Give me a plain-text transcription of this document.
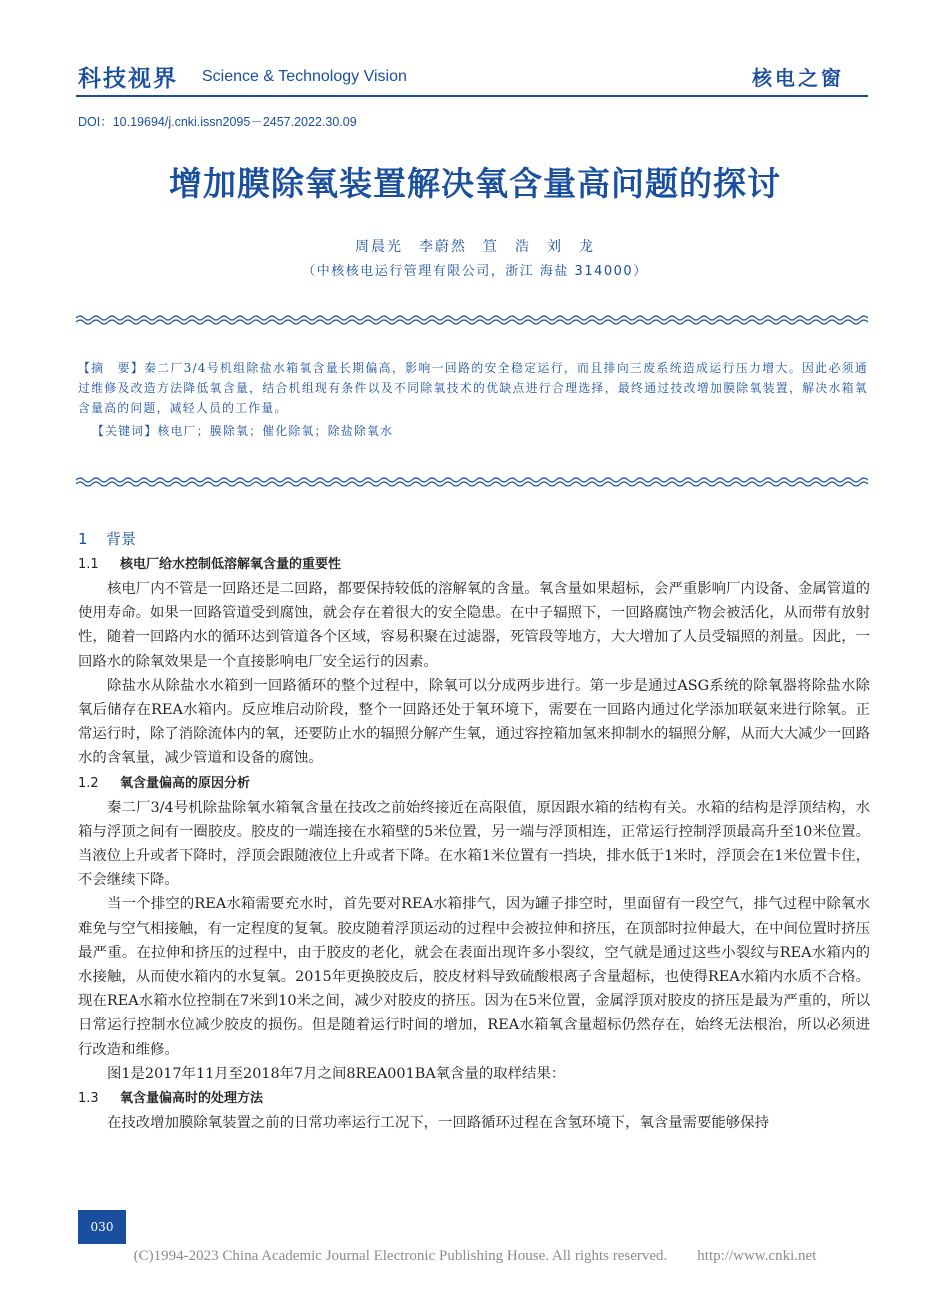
科技视界 Science & Technology Vision	核电之窗
DOI：10.19694/j.cnki.issn2095－2457.2022.30.09
增加膜除氧装置解决氧含量高问题的探讨
周晨光　李蔚然　笪　浩　刘　龙
（中核核电运行管理有限公司，浙江 海盐 314000）
【摘　要】秦二厂3/4号机组除盐水箱氧含量长期偏高，影响一回路的安全稳定运行，而且排向三废系统造成运行压力增大。因此必须通过维修及改造方法降低氧含量，结合机组现有条件以及不同除氧技术的优缺点进行合理选择，最终通过技改增加膜除氧装置，解决水箱氧含量高的问题，减轻人员的工作量。
【关键词】核电厂；膜除氧；催化除氧；除盐除氧水
1 背景
1.1 核电厂给水控制低溶解氧含量的重要性

核电厂内不管是一回路还是二回路，都要保持较低的溶解氧的含量。氧含量如果超标，会严重影响厂内设备、金属管道的使用寿命。如果一回路管道受到腐蚀，就会存在着很大的安全隐患。在中子辐照下，一回路腐蚀产物会被活化，从而带有放射性，随着一回路内水的循环达到管道各个区域，容易积聚在过滤器，死管段等地方，大大增加了人员受辐照的剂量。因此，一回路水的除氧效果是一个直接影响电厂安全运行的因素。

除盐水从除盐水水箱到一回路循环的整个过程中，除氧可以分成两步进行。第一步是通过ASG系统的除氧器将除盐水除氧后储存在REA水箱内。反应堆启动阶段，整个一回路还处于氧环境下，需要在一回路内通过化学添加联氨来进行除氧。正常运行时，除了消除流体内的氧，还要防止水的辐照分解产生氧，通过容控箱加氢来抑制水的辐照分解，从而大大减少一回路水的含氧量，减少管道和设备的腐蚀。

1.2 氧含量偏高的原因分析

秦二厂3/4号机除盐除氧水箱氧含量在技改之前始终接近在高限值，原因跟水箱的结构有关。水箱的结构是浮顶结构，水箱与浮顶之间有一圈胶皮。胶皮的一端连接在水箱壁的5米位置，另一端与浮顶相连，正常运行控制浮顶最高升至10米位置。当液位上升或者下降时，浮顶会跟随液位上升或者下降。在水箱1米位置有一挡块，排水低于1米时，浮顶会在1米位置卡住，不会继续下降。

当一个排空的REA水箱需要充水时，首先要对REA水箱排气，因为罐子排空时，里面留有一段空气，排气过程中除氧水难免与空气相接触，有一定程度的复氧。胶皮随着浮顶运动的过程中会被拉伸和挤压，在顶部时拉伸最大，在中间位置时挤压最严重。在拉伸和挤压的过程中，由于胶皮的老化，就会在表面出现许多小裂纹，空气就是通过这些小裂纹与REA水箱内的水接触，从而使水箱内的水复氧。2015年更换胶皮后，胶皮材料导致硫酸根离子含量超标，也使得REA水箱内水质不合格。现在REA水箱水位控制在7米到10米之间，减少对胶皮的挤压。因为在5米位置，金属浮顶对胶皮的挤压是最为严重的，所以日常运行控制水位减少胶皮的损伤。但是随着运行时间的增加，REA水箱氧含量超标仍然存在，始终无法根治，所以必须进行改造和维修。

图1是2017年11月至2018年7月之间8REA001BA氧含量的取样结果：

1.3 氧含量偏高时的处理方法

在技改增加膜除氧装置之前的日常功率运行工况下，一回路循环过程在含氢环境下，氧含量需要能够保持

030
(C)1994-2023 China Academic Journal Electronic Publishing House. All rights reserved.　　http://www.cnki.net
